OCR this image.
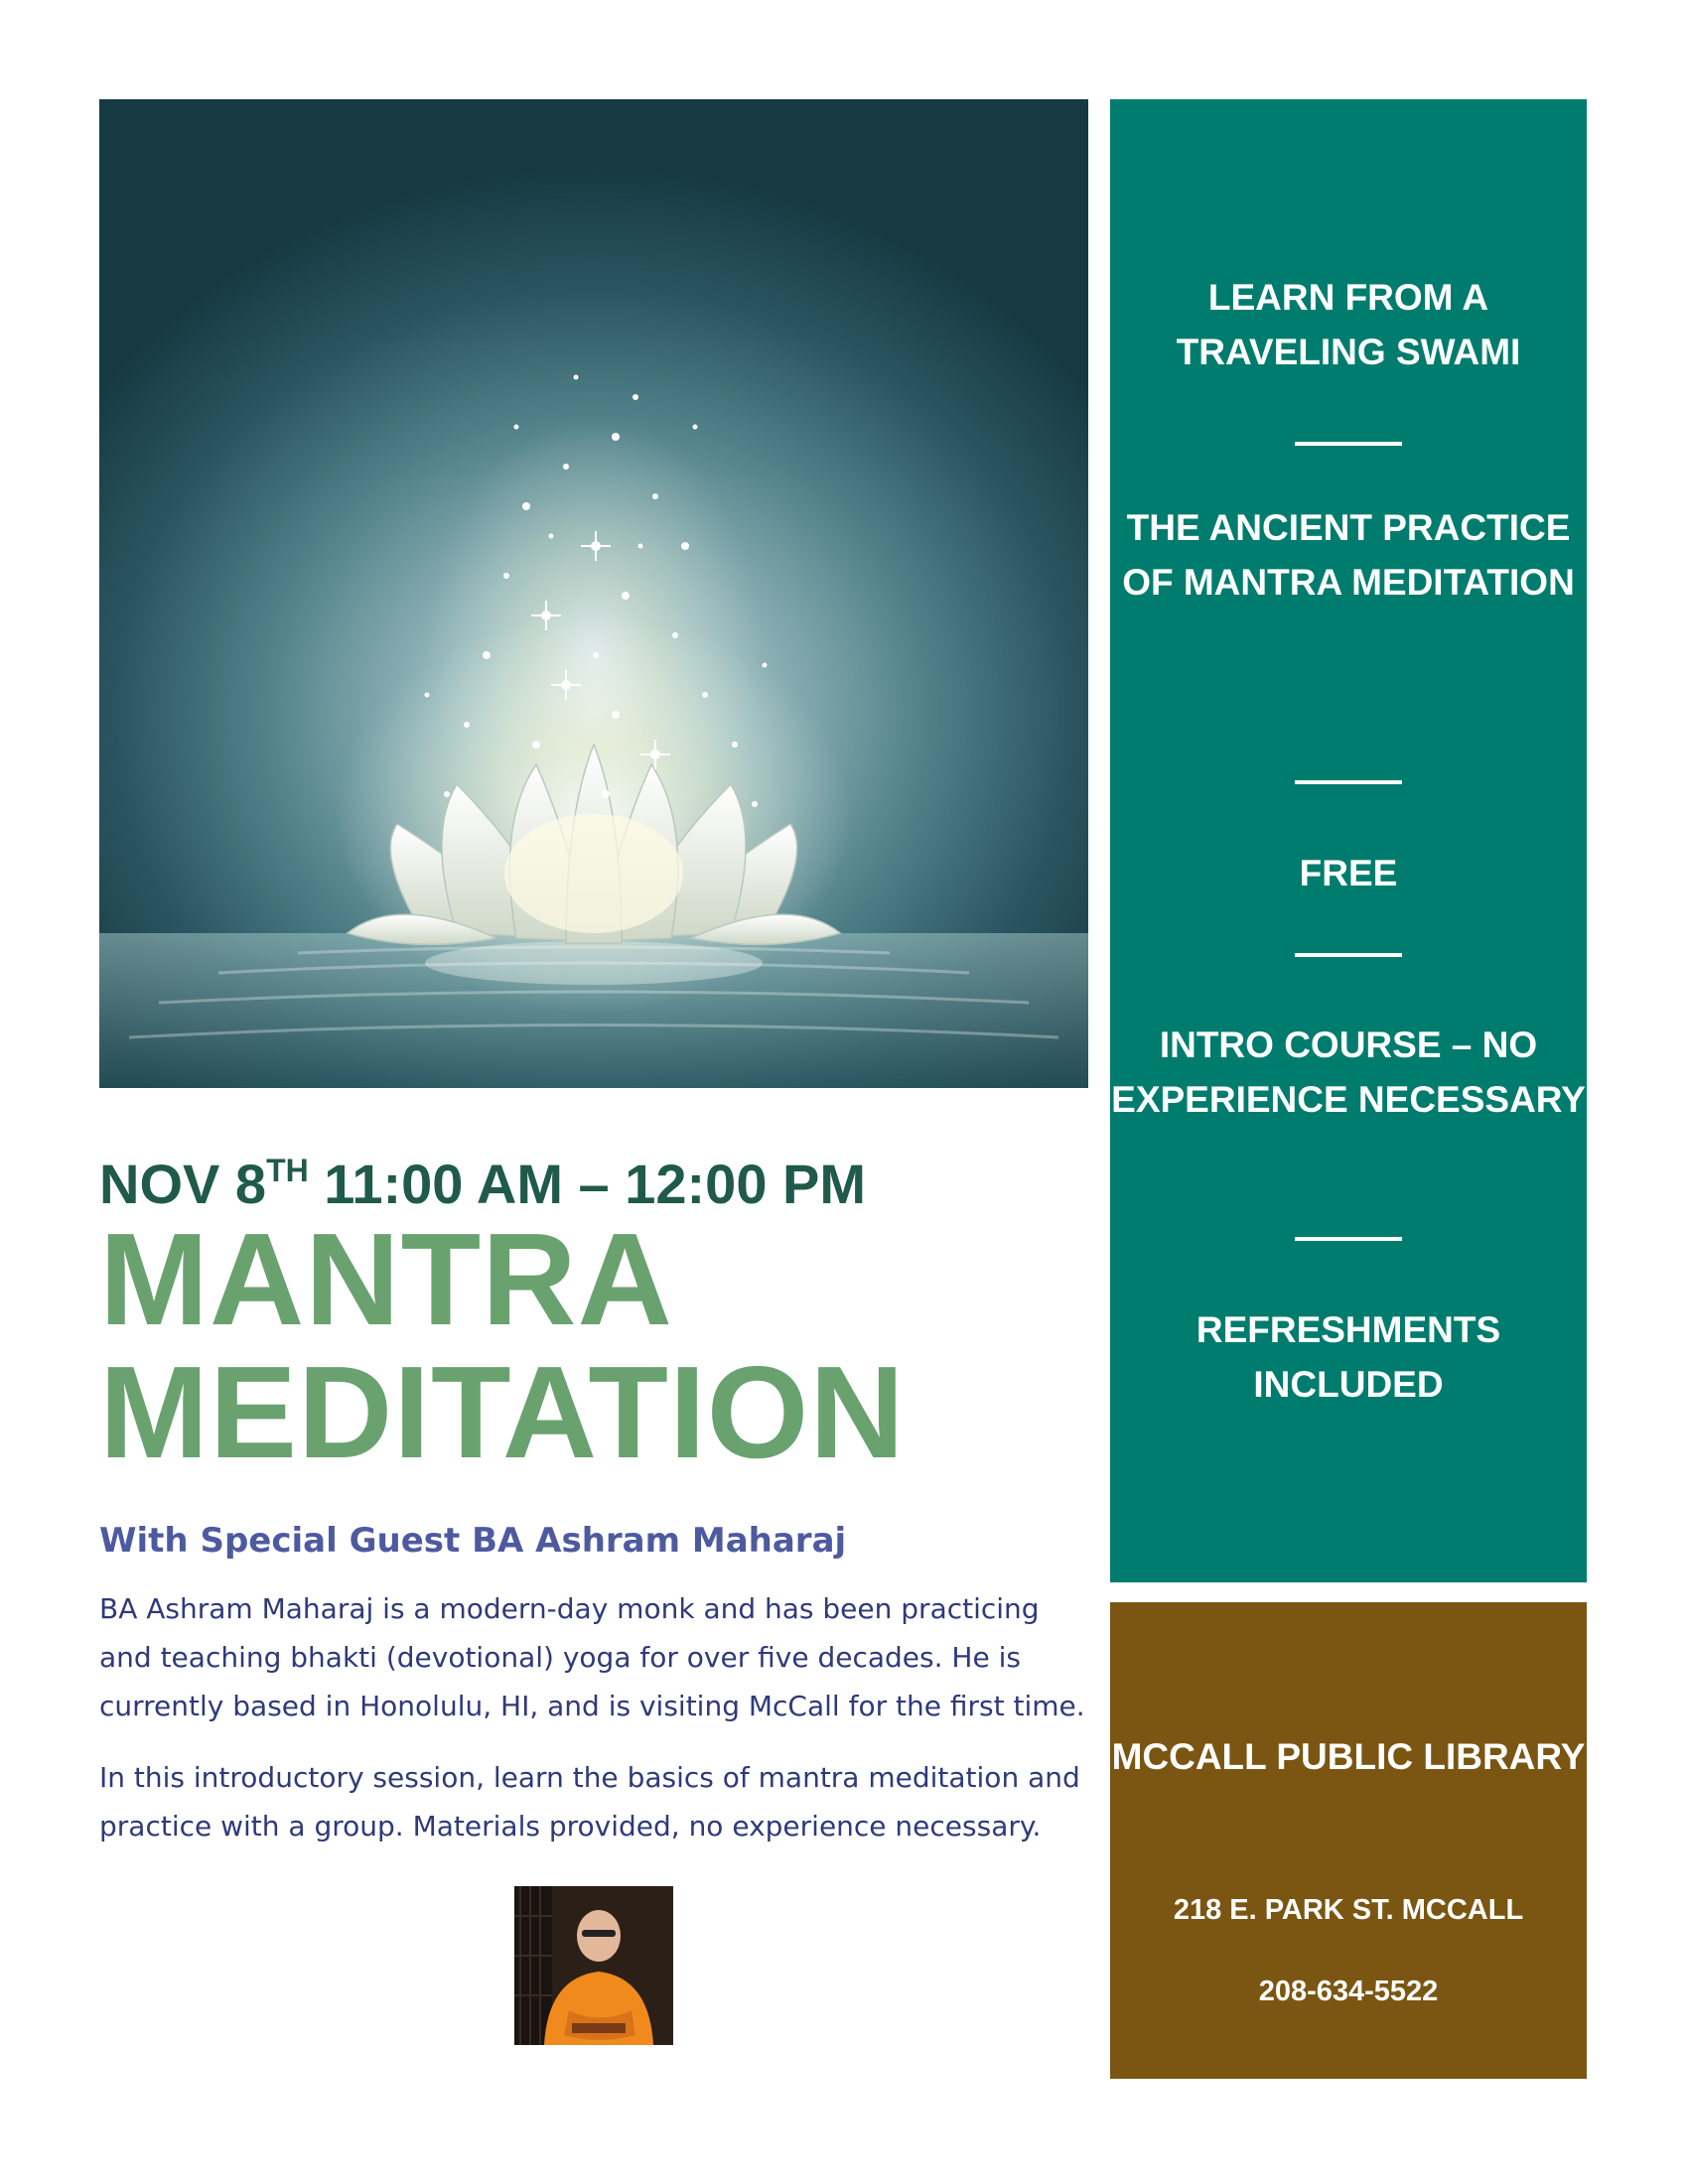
NOV 8TH 11:00 AM – 12:00 PM
MANTRA
MEDITATION
With Special Guest BA Ashram Maharaj
BA Ashram Maharaj is a modern-day monk and has been practicing and teaching bhakti (devotional) yoga for over five decades. He is currently based in Honolulu, HI, and is visiting McCall for the first time.
In this introductory session, learn the basics of mantra meditation and practice with a group. Materials provided, no experience necessary.
LEARN FROM A TRAVELING SWAMI
THE ANCIENT PRACTICE OF MANTRA MEDITATION
FREE
INTRO COURSE – NO EXPERIENCE NECESSARY
REFRESHMENTS INCLUDED
MCCALL PUBLIC LIBRARY
218 E. PARK ST. MCCALL
208-634-5522
